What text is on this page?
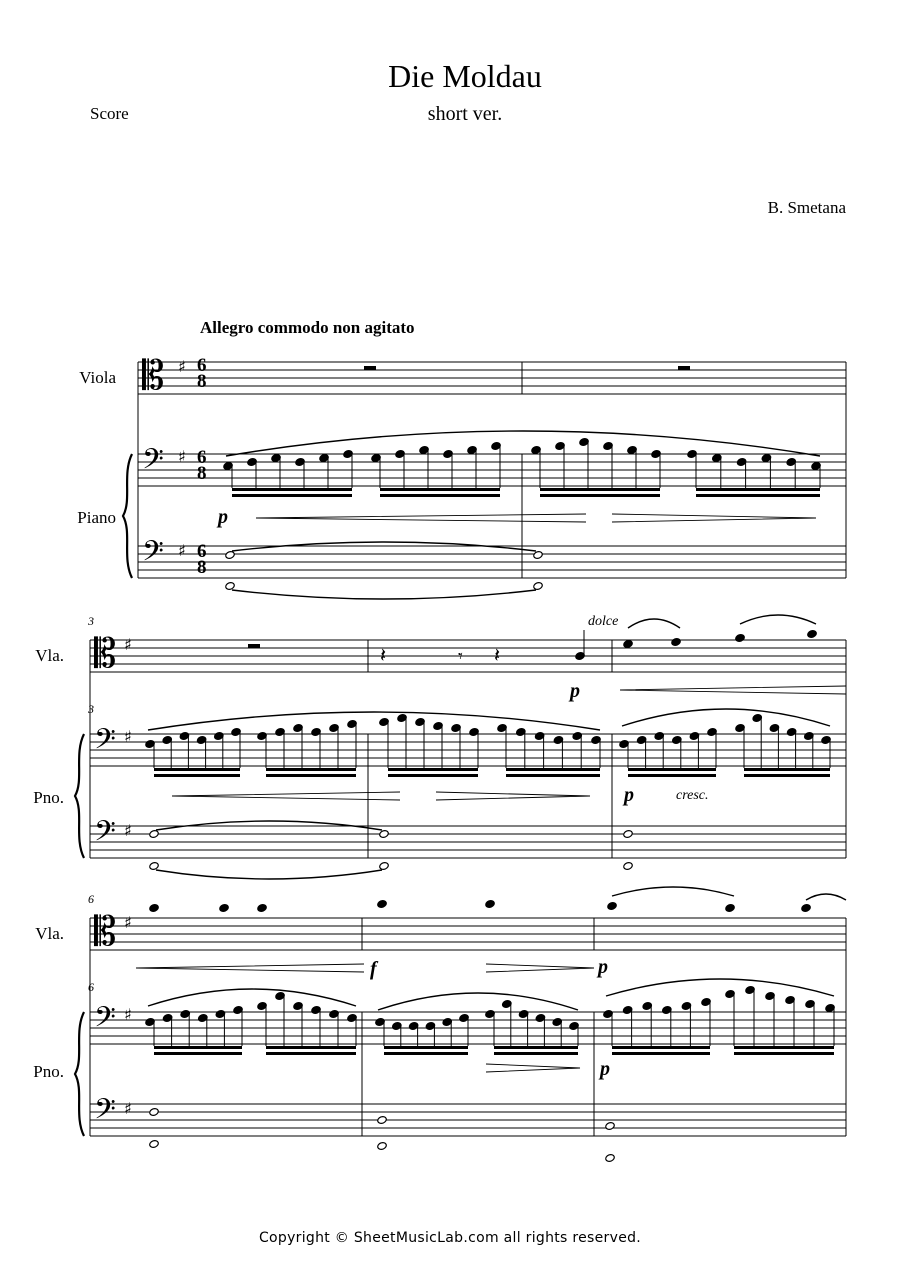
Die Moldau
short ver.
Score
B. Smetana
Allegro commodo non agitato
Viola
Piano
Vla.
Pno.
Vla.
Pno.
3
3
6
6
p
dolce
p
p	cresc.
f	p
p
6
8
6
8
6
8
𝄡
𝄢
𝄢
♯
♯
♯
𝄡
𝄢
𝄢
♯
♯
♯
𝄽	𝄽
𝄾
𝄡
𝄢
𝄢
♯
♯
♯
Copyright © SheetMusicLab.com all rights reserved.
